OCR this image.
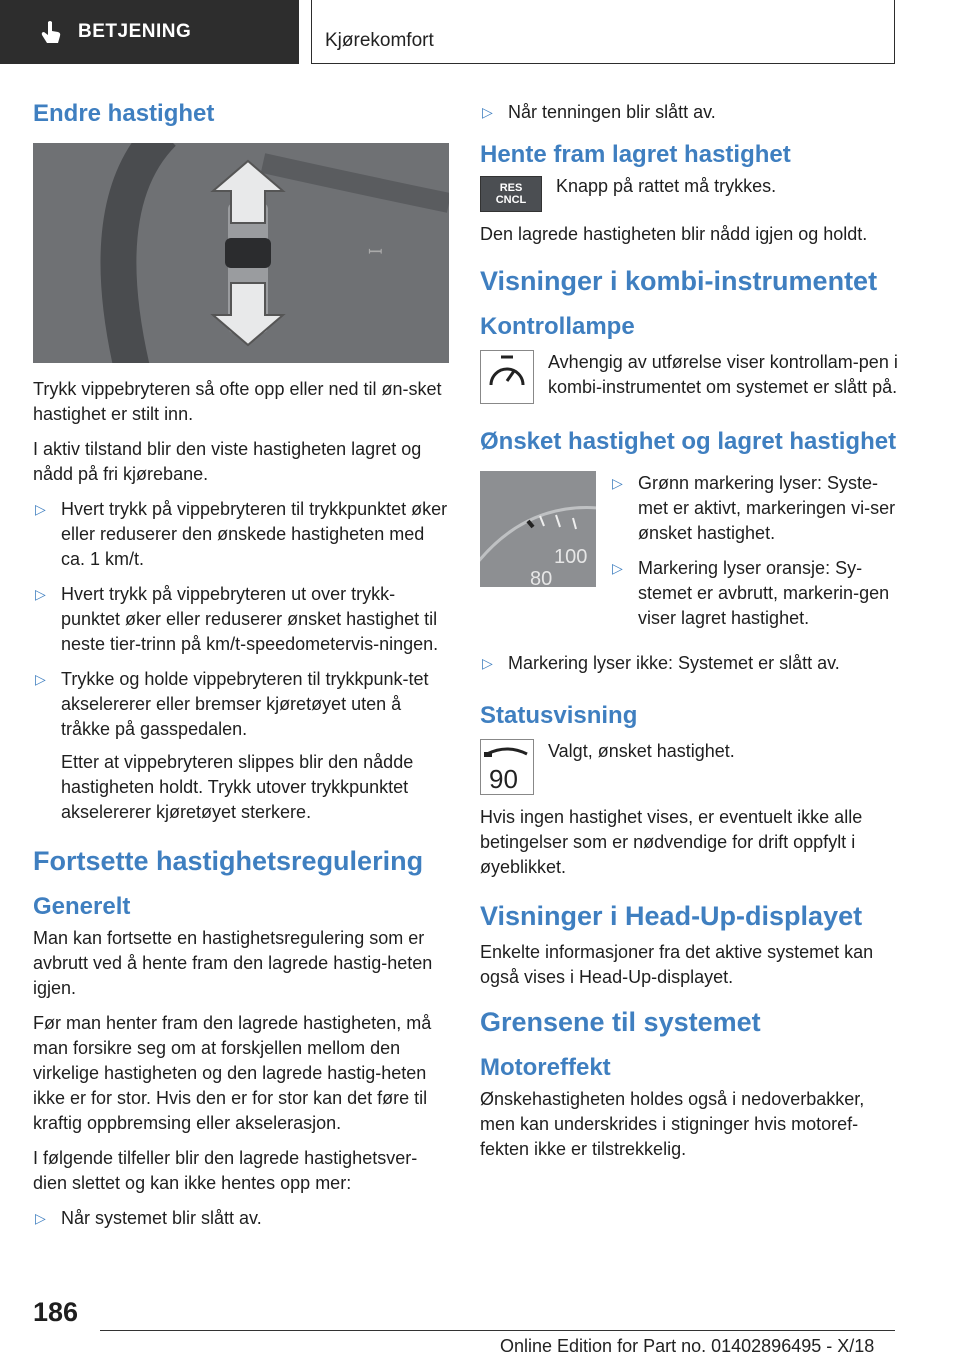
BETJENING	Kjørekomfort
Endre hastighet
ꟷ

Trykk vippebryteren så ofte opp eller ned til øn-sket hastighet er stilt inn.

I aktiv tilstand blir den viste hastigheten lagret og nådd på fri kjørebane.

▷ Hvert trykk på vippebryteren til trykkpunktet øker eller reduserer den ønskede hastigheten med ca. 1 km/t.
▷ Hvert trykk på vippebryteren ut over trykk-punktet øker eller reduserer ønsket hastighet til neste tier-trinn på km/t-speedometervis-ningen.
▷ Trykke og holde vippebryteren til trykkpunk-tet akselererer eller bremser kjøretøyet uten å tråkke på gasspedalen.

Etter at vippebryteren slippes blir den nådde hastigheten holdt. Trykk utover trykkpunktet akselererer kjøretøyet sterkere.

Fortsette hastighetsregulering
Generelt

Man kan fortsette en hastighetsregulering som er avbrutt ved å hente fram den lagrede hastig-heten igjen.

Før man henter fram den lagrede hastigheten, må man forsikre seg om at forskjellen mellom den virkelige hastigheten og den lagrede hastig-heten ikke er for stor. Hvis den er for stor kan det føre til kraftig oppbremsing eller akselerasjon.

I følgende tilfeller blir den lagrede hastighetsver-dien slettet og kan ikke hentes opp mer:

▷ Når systemet blir slått av.
▷ Når tenningen blir slått av.
Hente fram lagret hastighet
RES
CNCL

Knapp på rattet må trykkes.

Den lagrede hastigheten blir nådd igjen og holdt.

Visninger i kombi-instrumentet
Kontrollampe

Avhengig av utførelse viser kontrollam-pen i kombi-instrumentet om systemet er slått på.

Ønsket hastighet og lagret hastighet
100
80
▷ Grønn markering lyser: Syste-met er aktivt, markeringen vi-ser ønsket hastighet.
▷ Markering lyser oransje: Sy-stemet er avbrutt, markerin-gen viser lagret hastighet.
▷ Markering lyser ikke: Systemet er slått av.
Statusvisning
90

Valgt, ønsket hastighet.

Hvis ingen hastighet vises, er eventuelt ikke alle betingelser som er nødvendige for drift oppfylt i øyeblikket.

Visninger i Head-Up-displayet

Enkelte informasjoner fra det aktive systemet kan også vises i Head-Up-displayet.

Grensene til systemet
Motoreffekt

Ønskehastigheten holdes også i nedoverbakker, men kan underskrides i stigninger hvis motoref-fekten ikke er tilstrekkelig.

186
Online Edition for Part no. 01402896495 - X/18
